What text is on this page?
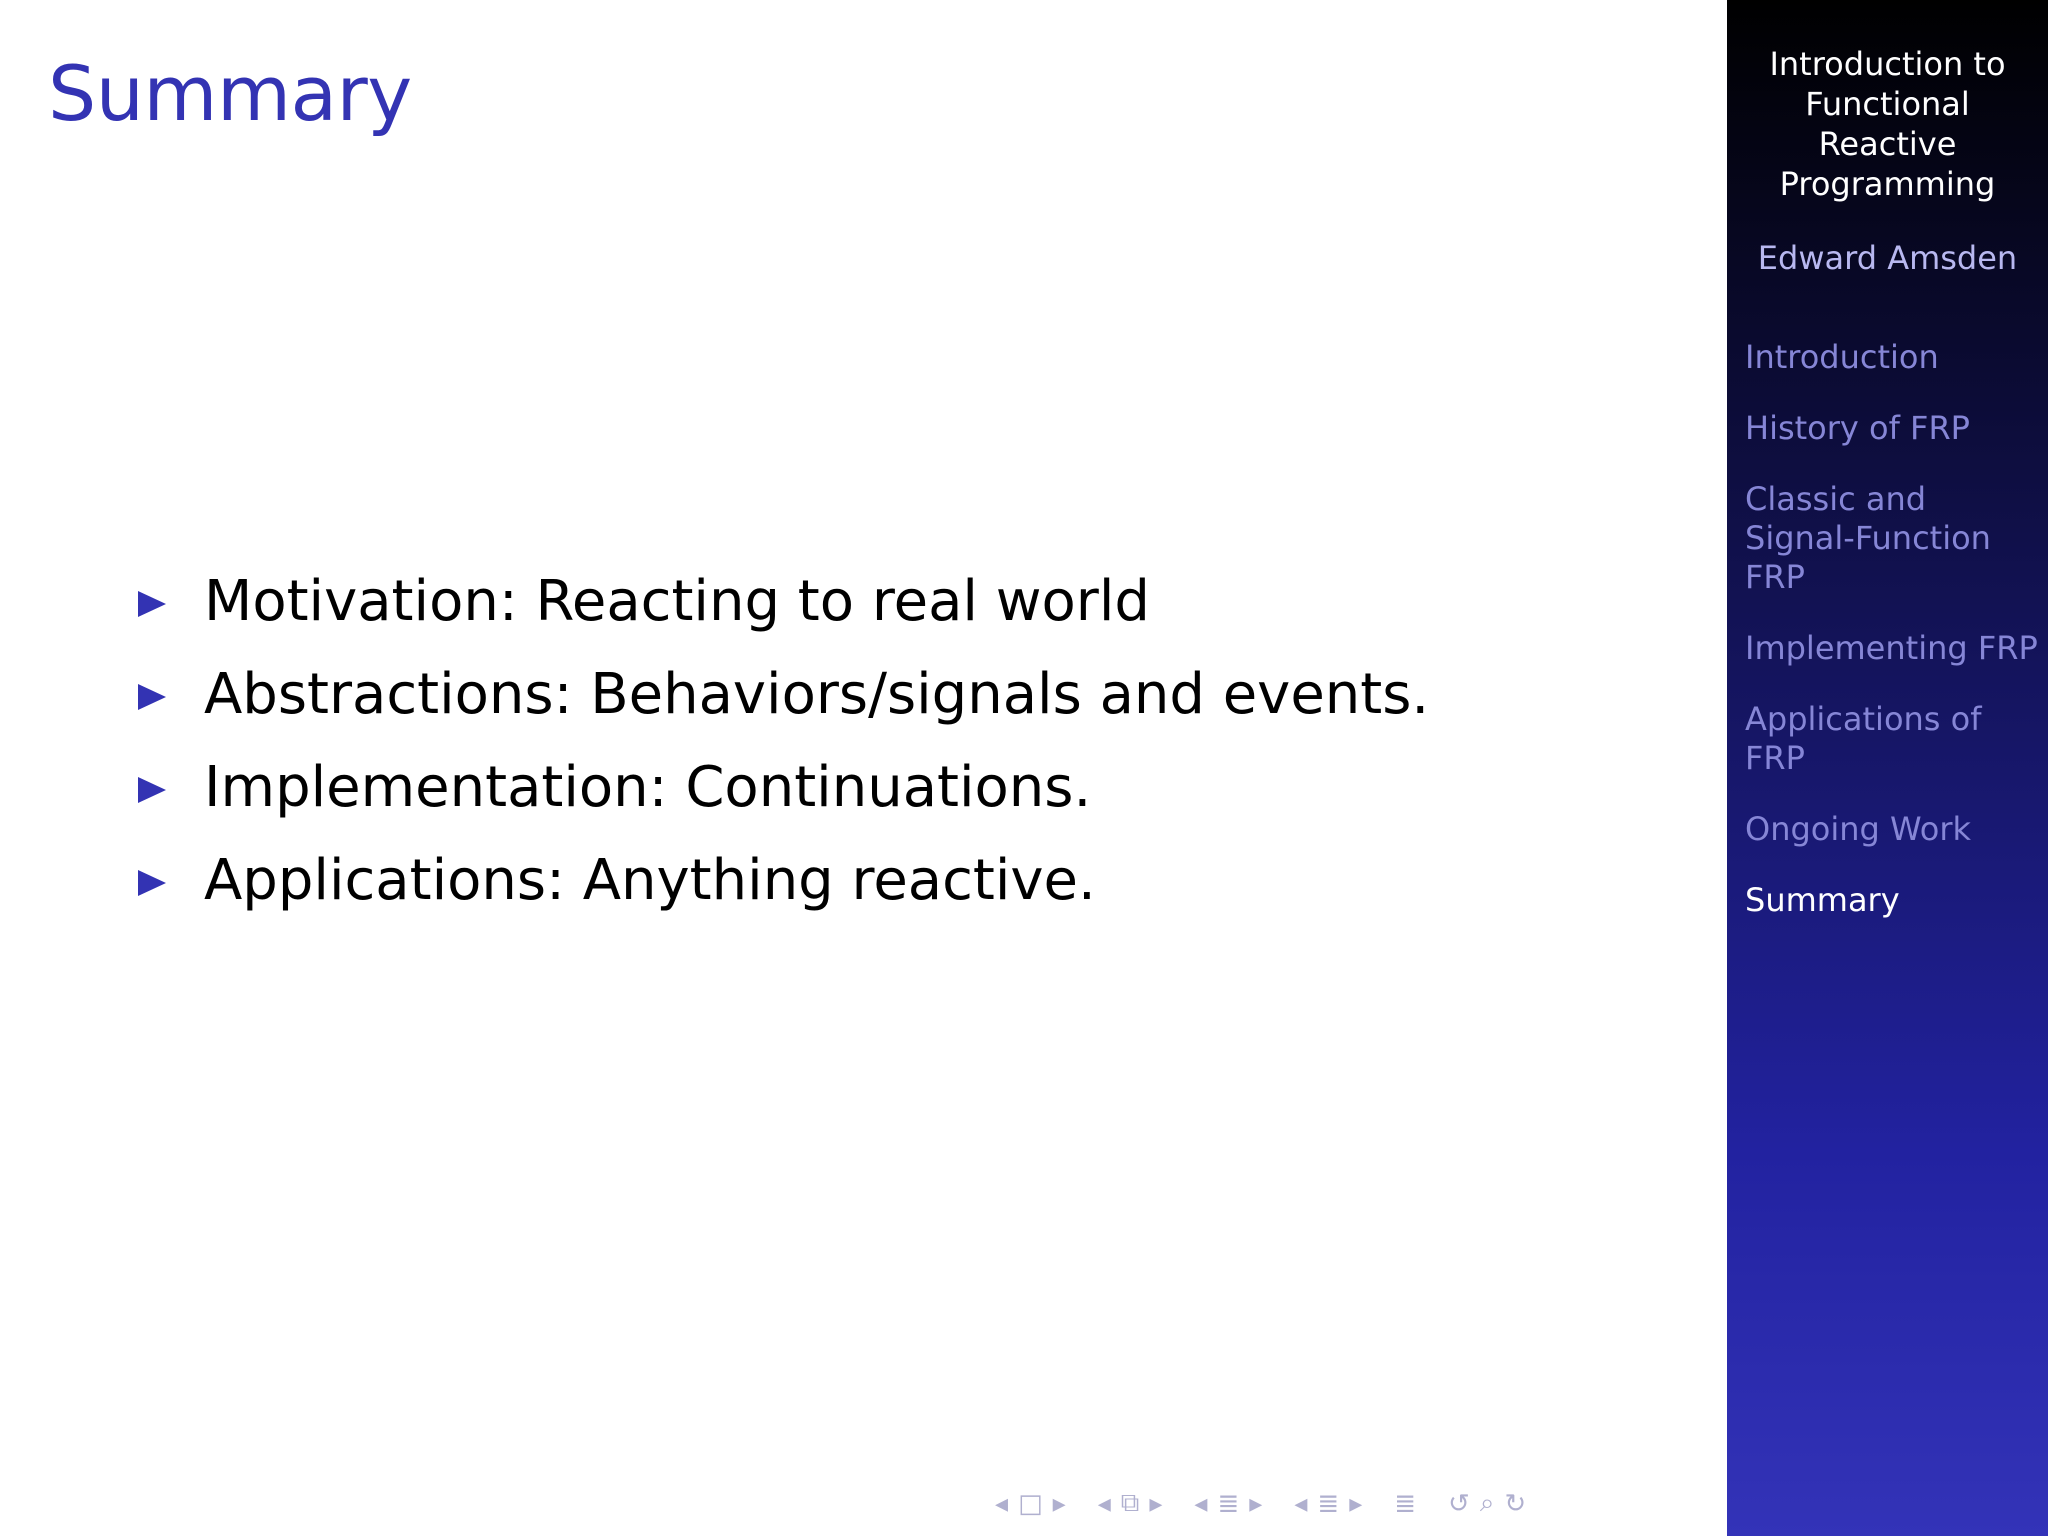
Summary
Motivation: Reacting to real world
Abstractions: Behaviors/signals and events.
Implementation: Continuations.
Applications: Anything reactive.
◂ □ ▸ ◂ ⧉ ▸ ◂ ≣ ▸ ◂ ≣ ▸ ≣ ↺ ⌕ ↻
Introduction to
Functional
Reactive
Programming
Edward Amsden
Introduction
History of FRP
Classic and
Signal-Function
FRP
Implementing FRP
Applications of
FRP
Ongoing Work
Summary
